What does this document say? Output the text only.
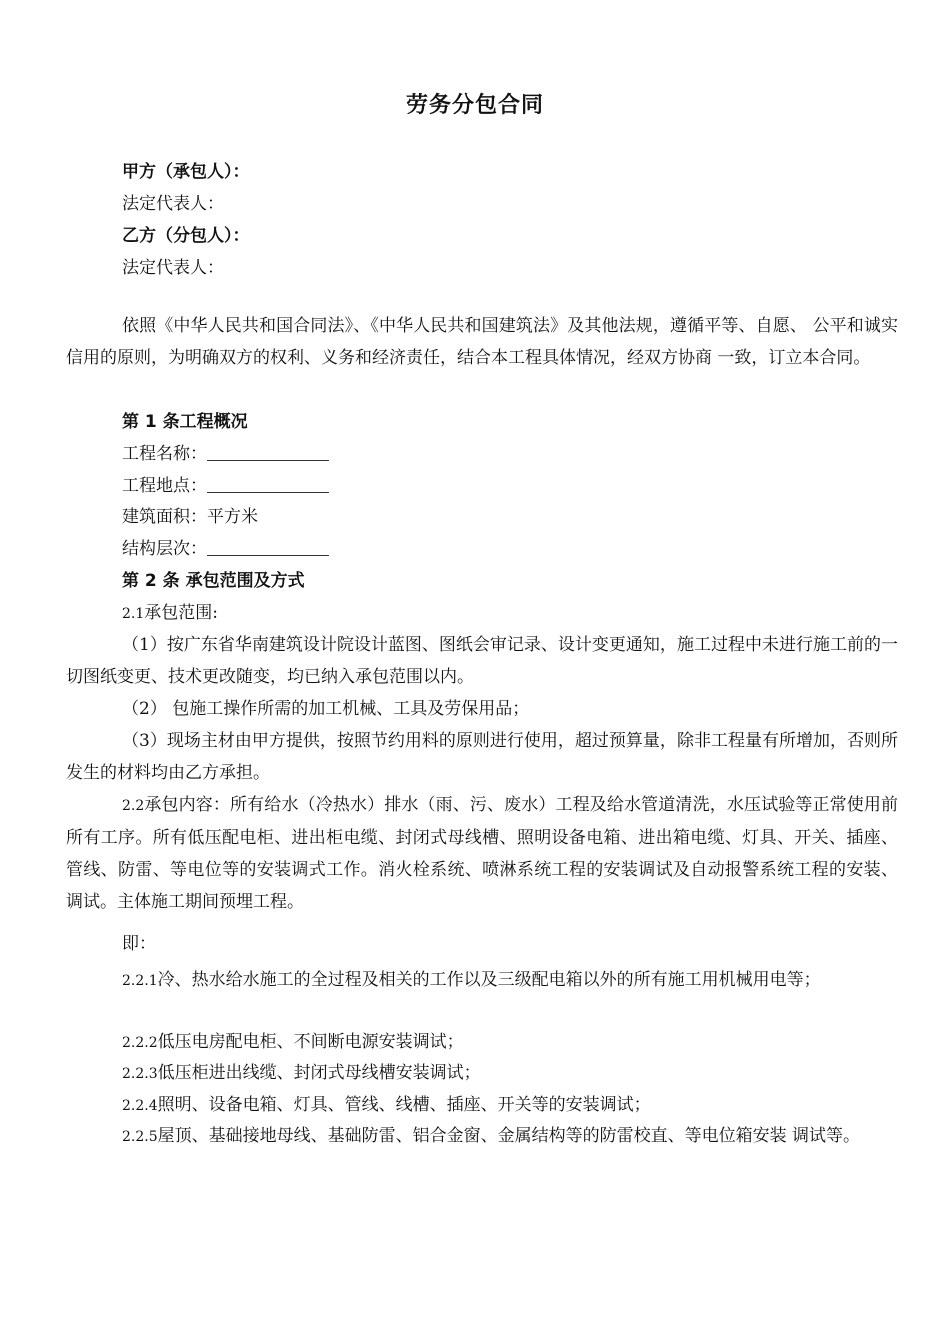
劳务分包合同
甲方（承包人）：
法定代表人：
乙方（分包人）：
法定代表人：
依照《中华人民共和国合同法》、《中华人民共和国建筑法》及其他法规，遵循平等、自愿、 公平和诚实信用的原则，为明确双方的权利、义务和经济责任，结合本工程具体情况，经双方协商 一致，订立本合同。
第 1 条工程概况
工程名称：
工程地点：
建筑面积：平方米
结构层次：
第 2 条 承包范围及方式
2.1承包范围:
（1）按广东省华南建筑设计院设计蓝图、图纸会审记录、设计变更通知，施工过程中未进行施工前的一切图纸变更、技术更改随变，均已纳入承包范围以内。
（2） 包施工操作所需的加工机械、工具及劳保用品；
（3）现场主材由甲方提供，按照节约用料的原则进行使用，超过预算量，除非工程量有所增加，否则所发生的材料均由乙方承担。
2.2承包内容：所有给水（冷热水）排水（雨、污、废水）工程及给水管道清洗，水压试验等正常使用前所有工序。所有低压配电柜、进出柜电缆、封闭式母线槽、照明设备电箱、进出箱电缆、灯具、开关、插座、管线、防雷、等电位等的安装调式工作。消火栓系统、喷淋系统工程的安装调试及自动报警系统工程的安装、调试。主体施工期间预埋工程。
即：
2.2.1冷、热水给水施工的全过程及相关的工作以及三级配电箱以外的所有施工用机械用电等；
2.2.2低压电房配电柜、不间断电源安装调试；
2.2.3低压柜进出线缆、封闭式母线槽安装调试；
2.2.4照明、设备电箱、灯具、管线、线槽、插座、开关等的安装调试；
2.2.5屋顶、基础接地母线、基础防雷、铝合金窗、金属结构等的防雷校直、等电位箱安装 调试等。
